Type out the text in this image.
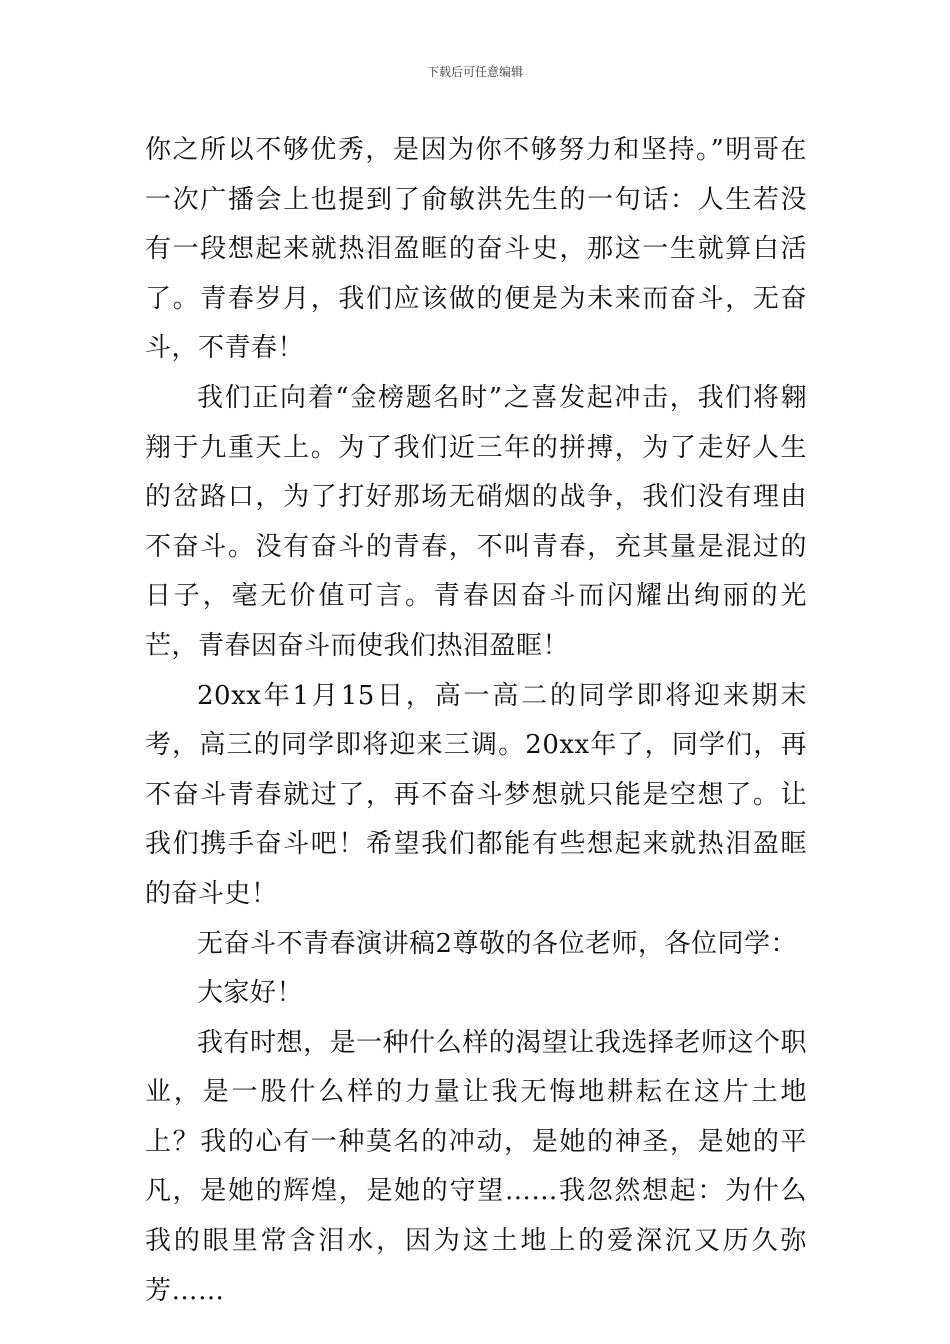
下载后可任意编辑

你之所以不够优秀，是因为你不够努力和坚持。”明哥在一次广播会上也提到了俞敏洪先生的一句话：人生若没有一段想起来就热泪盈眶的奋斗史，那这一生就算白活了。青春岁月，我们应该做的便是为未来而奋斗，无奋斗，不青春！

我们正向着“金榜题名时”之喜发起冲击，我们将翱翔于九重天上。为了我们近三年的拼搏，为了走好人生的岔路口，为了打好那场无硝烟的战争，我们没有理由不奋斗。没有奋斗的青春，不叫青春，充其量是混过的日子，毫无价值可言。青春因奋斗而闪耀出绚丽的光芒，青春因奋斗而使我们热泪盈眶！

20xx年1月15日，高一高二的同学即将迎来期末考，高三的同学即将迎来三调。20xx年了，同学们，再不奋斗青春就过了，再不奋斗梦想就只能是空想了。让我们携手奋斗吧！希望我们都能有些想起来就热泪盈眶的奋斗史！

无奋斗不青春演讲稿2尊敬的各位老师，各位同学：

大家好！

我有时想，是一种什么样的渴望让我选择老师这个职业，是一股什么样的力量让我无悔地耕耘在这片土地上？我的心有一种莫名的冲动，是她的神圣，是她的平凡，是她的辉煌，是她的守望……我忽然想起：为什么我的眼里常含泪水，因为这土地上的爱深沉又历久弥芳……
